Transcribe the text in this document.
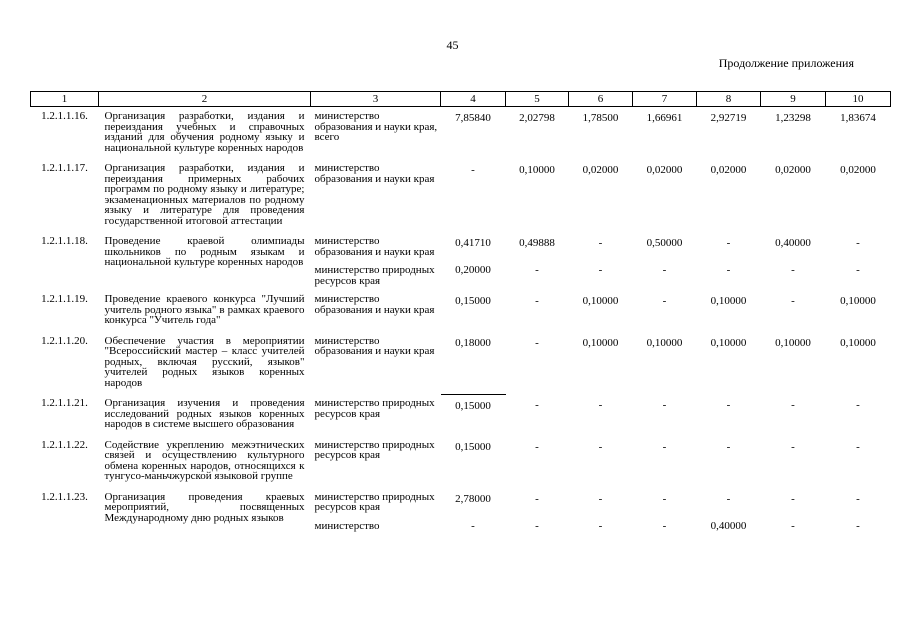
45
Продолжение приложения
1	2	3	4	5	6	7	8	9	10
1.2.1.1.16.	Организация разработки, издания и переиздания учебных и справочных изданий для обучения родному языку и национальной культуре коренных народов	министерство образования и науки края, всего	7,85840	2,02798	1,78500	1,66961	2,92719	1,23298	1,83674
1.2.1.1.17.	Организация разработки, издания и переиздания примерных рабочих программ по родному языку и литературе; экзаменационных материалов по родному языку и литературе для проведения государственной итоговой аттестации	министерство образования и науки края	-	0,10000	0,02000	0,02000	0,02000	0,02000	0,02000
1.2.1.1.18.	Проведение краевой олимпиады школьников по родным языкам и национальной культуре коренных народов	министерство образования и науки края	0,41710	0,49888	-	0,50000	-	0,40000	-
		министерство природных ресурсов края	0,20000	-	-	-	-	-	-
1.2.1.1.19.	Проведение краевого конкурса "Лучший учитель родного языка" в рамках краевого конкурса "Учитель года"	министерство образования и науки края	0,15000	-	0,10000	-	0,10000	-	0,10000
1.2.1.1.20.	Обеспечение участия в мероприятии "Всероссийский мастер – класс учителей родных, включая русский, языков" учителей родных языков коренных народов	министерство образования и науки края	0,18000	-	0,10000	0,10000	0,10000	0,10000	0,10000
1.2.1.1.21.	Организация изучения и проведения исследований родных языков коренных народов в системе высшего образования	министерство природных ресурсов края	0,15000	-	-	-	-	-	-
1.2.1.1.22.	Содействие укреплению межэтнических связей и осуществлению культурного обмена коренных народов, относящихся к тунгусо-маньчжурской языковой группе	министерство природных ресурсов края	0,15000	-	-	-	-	-	-
1.2.1.1.23.	Организация проведения краевых мероприятий, посвященных Международному дню родных языков	министерство природных ресурсов края	2,78000	-	-	-	-	-	-
		министерство	-	-	-	-	0,40000	-	-
